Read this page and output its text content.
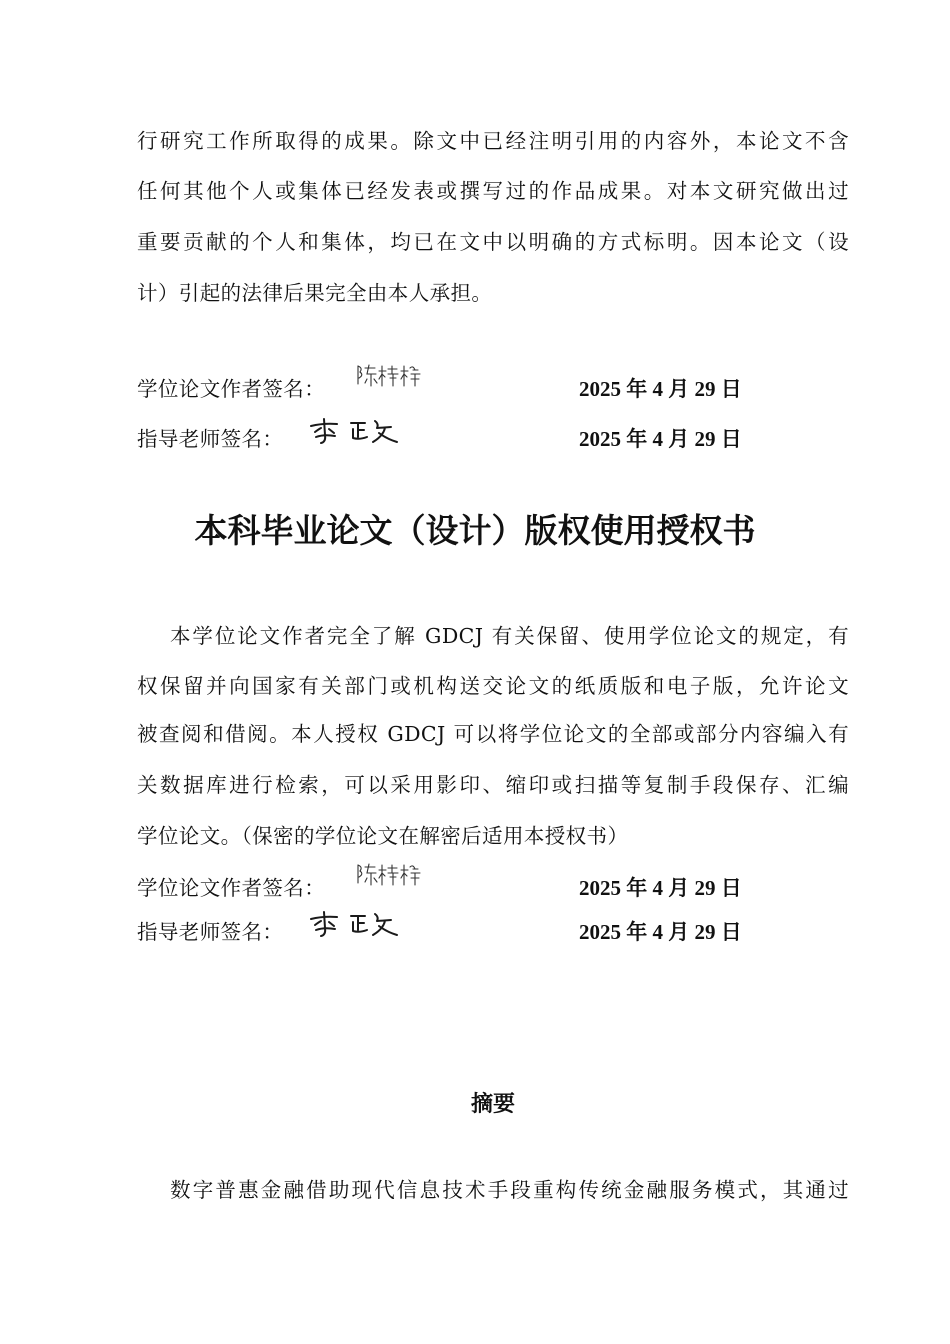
行研究工作所取得的成果。除文中已经注明引用的内容外，本论文不含
任何其他个人或集体已经发表或撰写过的作品成果。对本文研究做出过
重要贡献的个人和集体，均已在文中以明确的方式标明。因本论文（设
计）引起的法律后果完全由本人承担。
学位论文作者签名：	2025 年 4 月 29 日
指导老师签名：	2025 年 4 月 29 日
本科毕业论文（设计）版权使用授权书
本学位论文作者完全了解 GDCJ 有关保留、使用学位论文的规定，有
权保留并向国家有关部门或机构送交论文的纸质版和电子版，允许论文
被查阅和借阅。本人授权 GDCJ 可以将学位论文的全部或部分内容编入有
关数据库进行检索，可以采用影印、缩印或扫描等复制手段保存、汇编
学位论文。（保密的学位论文在解密后适用本授权书）
学位论文作者签名：	2025 年 4 月 29 日
指导老师签名：	2025 年 4 月 29 日
摘要
数字普惠金融借助现代信息技术手段重构传统金融服务模式，其通过
